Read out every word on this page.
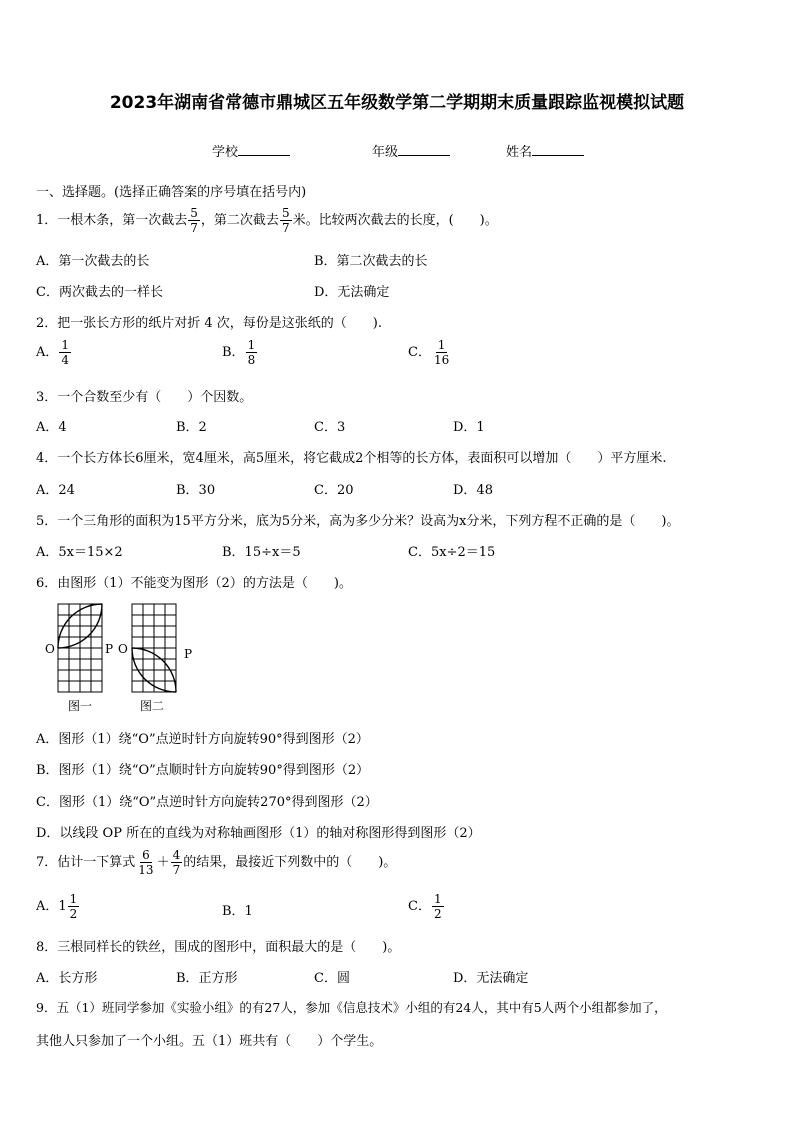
2023年湖南省常德市鼎城区五年级数学第二学期期末质量跟踪监视模拟试题
学校	年级	姓名
一、选择题。(选择正确答案的序号填在括号内)
1．一根木条，第一次截去 $\frac{5}{7}$ ，第二次截去 $\frac{5}{7}$ 米。比较两次截去的长度，(　　)。
A．第一次截去的长	B．第二次截去的长
C．两次截去的一样长	D．无法确定
2．把一张长方形的纸片对折 4 次，每份是这张纸的（　　).
A． $\frac{1}{4}$	B． $\frac{1}{8}$	C． $\frac{1}{16}$
3．一个合数至少有（　　）个因数。
A．4	B．2	C．3	D．1
4．一个长方体长6厘米，宽4厘米，高5厘米，将它截成2个相等的长方体，表面积可以增加（　　）平方厘米.
A．24	B．30	C．20	D．48
5．一个三角形的面积为15平方分米，底为5分米，高为多少分米？设高为x分米，下列方程不正确的是（　　)。
A．5x＝15×2	B．15÷x＝5	C．5x÷2＝15
6．由图形（1）不能变为图形（2）的方法是（　　)。
O	P O	P
图一	图二
A．图形（1）绕“O”点逆时针方向旋转90°得到图形（2）
B．图形（1）绕“O”点顺时针方向旋转90°得到图形（2）
C．图形（1）绕“O”点逆时针方向旋转270°得到图形（2）
D．以线段 OP 所在的直线为对称轴画图形（1）的轴对称图形得到图形（2）
7．估计一下算式 $\frac{6}{13} + \frac{4}{7}$ 的结果，最接近下列数中的（　　)。
A． $1 \frac{1}{2}$	B．1	C． $\frac{1}{2}$
8．三根同样长的铁丝，围成的图形中，面积最大的是（　　)。
A．长方形	B．正方形	C．圆	D．无法确定
9．五（1）班同学参加《实验小组》的有27人，参加《信息技术》小组的有24人，其中有5人两个小组都参加了，
其他人只参加了一个小组。五（1）班共有（　　）个学生。
